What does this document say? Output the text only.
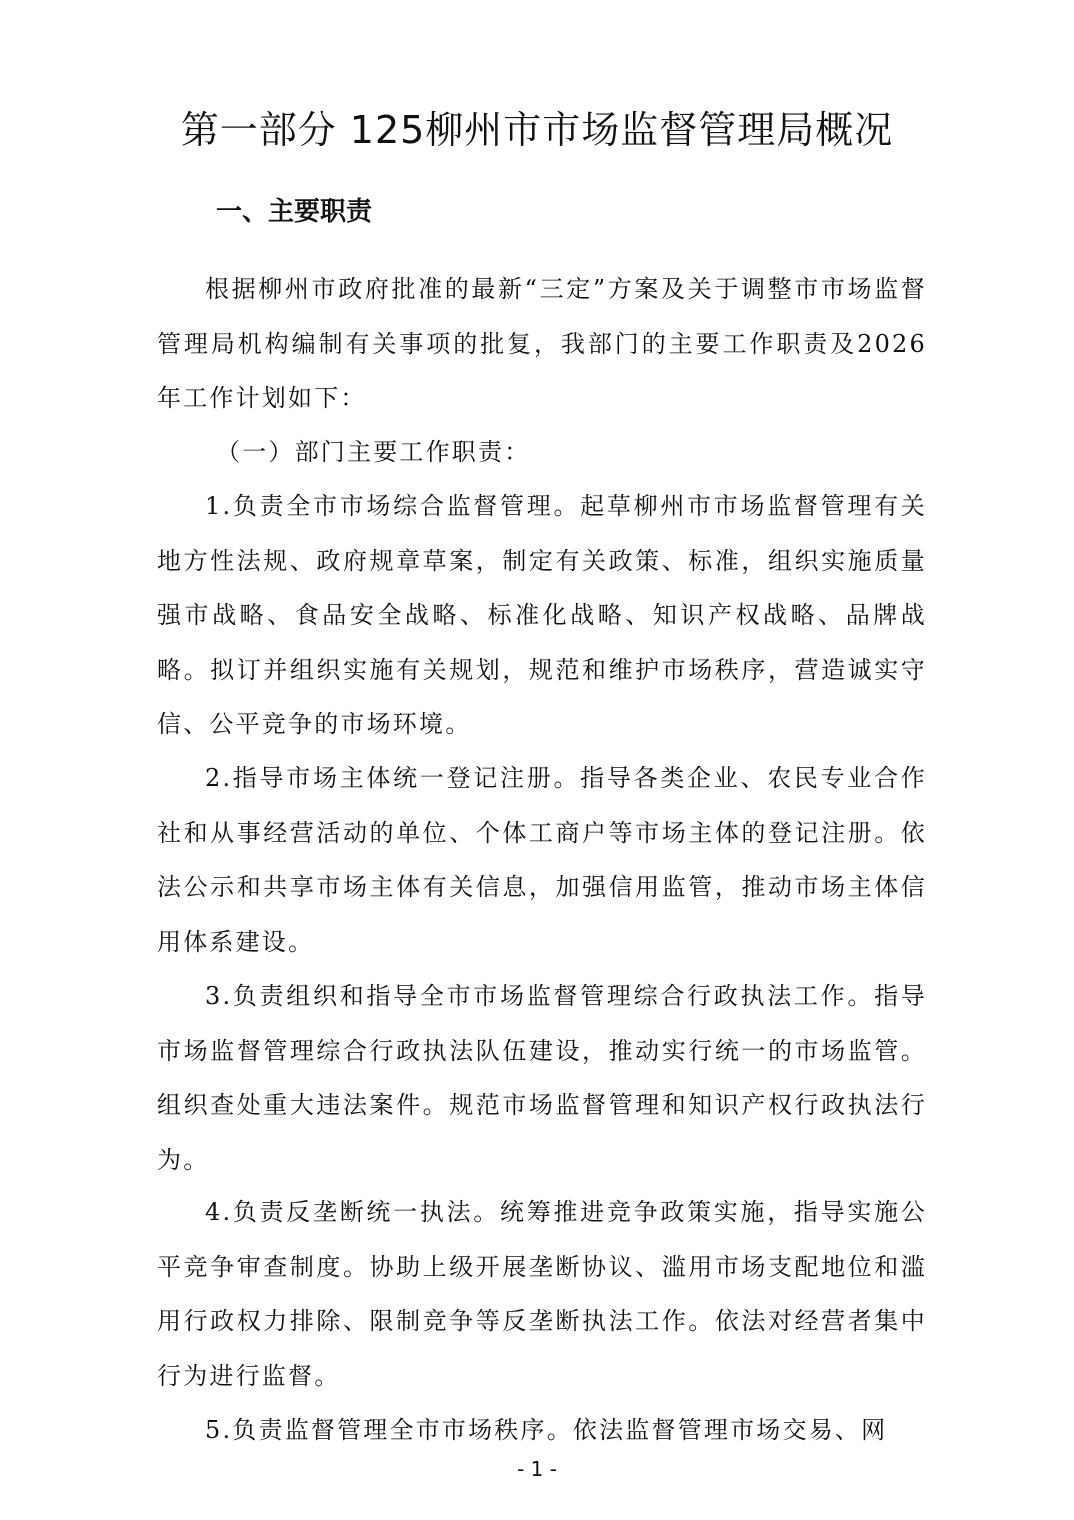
第一部分 125柳州市市场监督管理局概况
一、主要职责

根据柳州市政府批准的最新“三定”方案及关于调整市市场监督管理局机构编制有关事项的批复，我部门的主要工作职责及2026年工作计划如下：

（一）部门主要工作职责：

1.负责全市市场综合监督管理。起草柳州市市场监督管理有关地方性法规、政府规章草案，制定有关政策、标准，组织实施质量强市战略、食品安全战略、标准化战略、知识产权战略、品牌战略。拟订并组织实施有关规划，规范和维护市场秩序，营造诚实守信、公平竞争的市场环境。

2.指导市场主体统一登记注册。指导各类企业、农民专业合作社和从事经营活动的单位、个体工商户等市场主体的登记注册。依法公示和共享市场主体有关信息，加强信用监管，推动市场主体信用体系建设。

3.负责组织和指导全市市场监督管理综合行政执法工作。指导市场监督管理综合行政执法队伍建设，推动实行统一的市场监管。组织查处重大违法案件。规范市场监督管理和知识产权行政执法行为。

4.负责反垄断统一执法。统筹推进竞争政策实施，指导实施公平竞争审查制度。协助上级开展垄断协议、滥用市场支配地位和滥用行政权力排除、限制竞争等反垄断执法工作。依法对经营者集中行为进行监督。

5.负责监督管理全市市场秩序。依法监督管理市场交易、网

- 1 -
